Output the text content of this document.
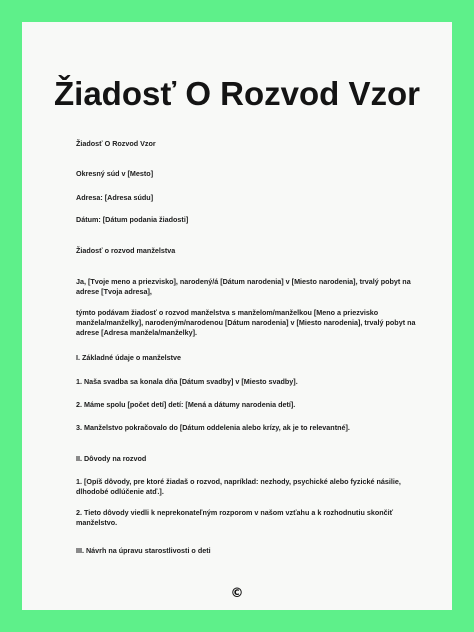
Žiadosť O Rozvod Vzor
Žiadosť O Rozvod Vzor
Okresný súd v [Mesto]
Adresa: [Adresa súdu]
Dátum: [Dátum podania žiadosti]
Žiadosť o rozvod manželstva
Ja, [Tvoje meno a priezvisko], narodený/á [Dátum narodenia] v [Miesto narodenia], trvalý pobyt na adrese [Tvoja adresa],
týmto podávam žiadosť o rozvod manželstva s manželom/manželkou [Meno a priezvisko manžela/manželky], narodeným/narodenou [Dátum narodenia] v [Miesto narodenia], trvalý pobyt na adrese [Adresa manžela/manželky].
I. Základné údaje o manželstve
1. Naša svadba sa konala dňa [Dátum svadby] v [Miesto svadby].
2. Máme spolu [počet detí] detí: [Mená a dátumy narodenia detí].
3. Manželstvo pokračovalo do [Dátum oddelenia alebo krízy, ak je to relevantné].
II. Dôvody na rozvod
1. [Opíš dôvody, pre ktoré žiadaš o rozvod, napríklad: nezhody, psychické alebo fyzické násilie, dlhodobé odlúčenie atď.].
2. Tieto dôvody viedli k neprekonateľným rozporom v našom vzťahu a k rozhodnutiu skončiť manželstvo.
III. Návrh na úpravu starostlivosti o deti
©
